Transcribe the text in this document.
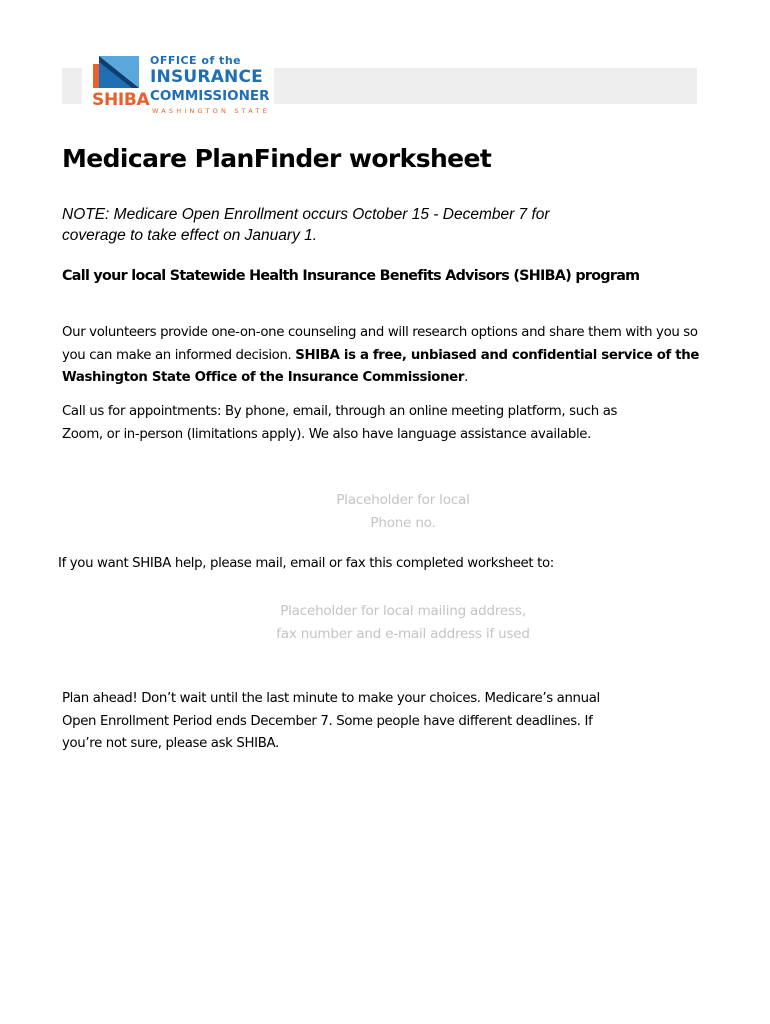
SHIBA
OFFICE of the
INSURANCE
COMMISSIONER
WASHINGTON STATE
Medicare PlanFinder worksheet

NOTE: Medicare Open Enrollment occurs October 15 - December 7 for
coverage to take effect on January 1.

Call your local Statewide Health Insurance Benefits Advisors (SHIBA) program

Our volunteers provide one-on-one counseling and will research options and share them with you so you can make an informed decision. SHIBA is a free, unbiased and confidential service of the Washington State Office of the Insurance Commissioner.

Call us for appointments: By phone, email, through an online meeting platform, such as
Zoom, or in-person (limitations apply). We also have language assistance available.

Placeholder for local
Phone no.

If you want SHIBA help, please mail, email or fax this completed worksheet to:

Placeholder for local mailing address,
fax number and e-mail address if used

Plan ahead! Don’t wait until the last minute to make your choices. Medicare’s annual
Open Enrollment Period ends December 7. Some people have different deadlines. If
you’re not sure, please ask SHIBA.
